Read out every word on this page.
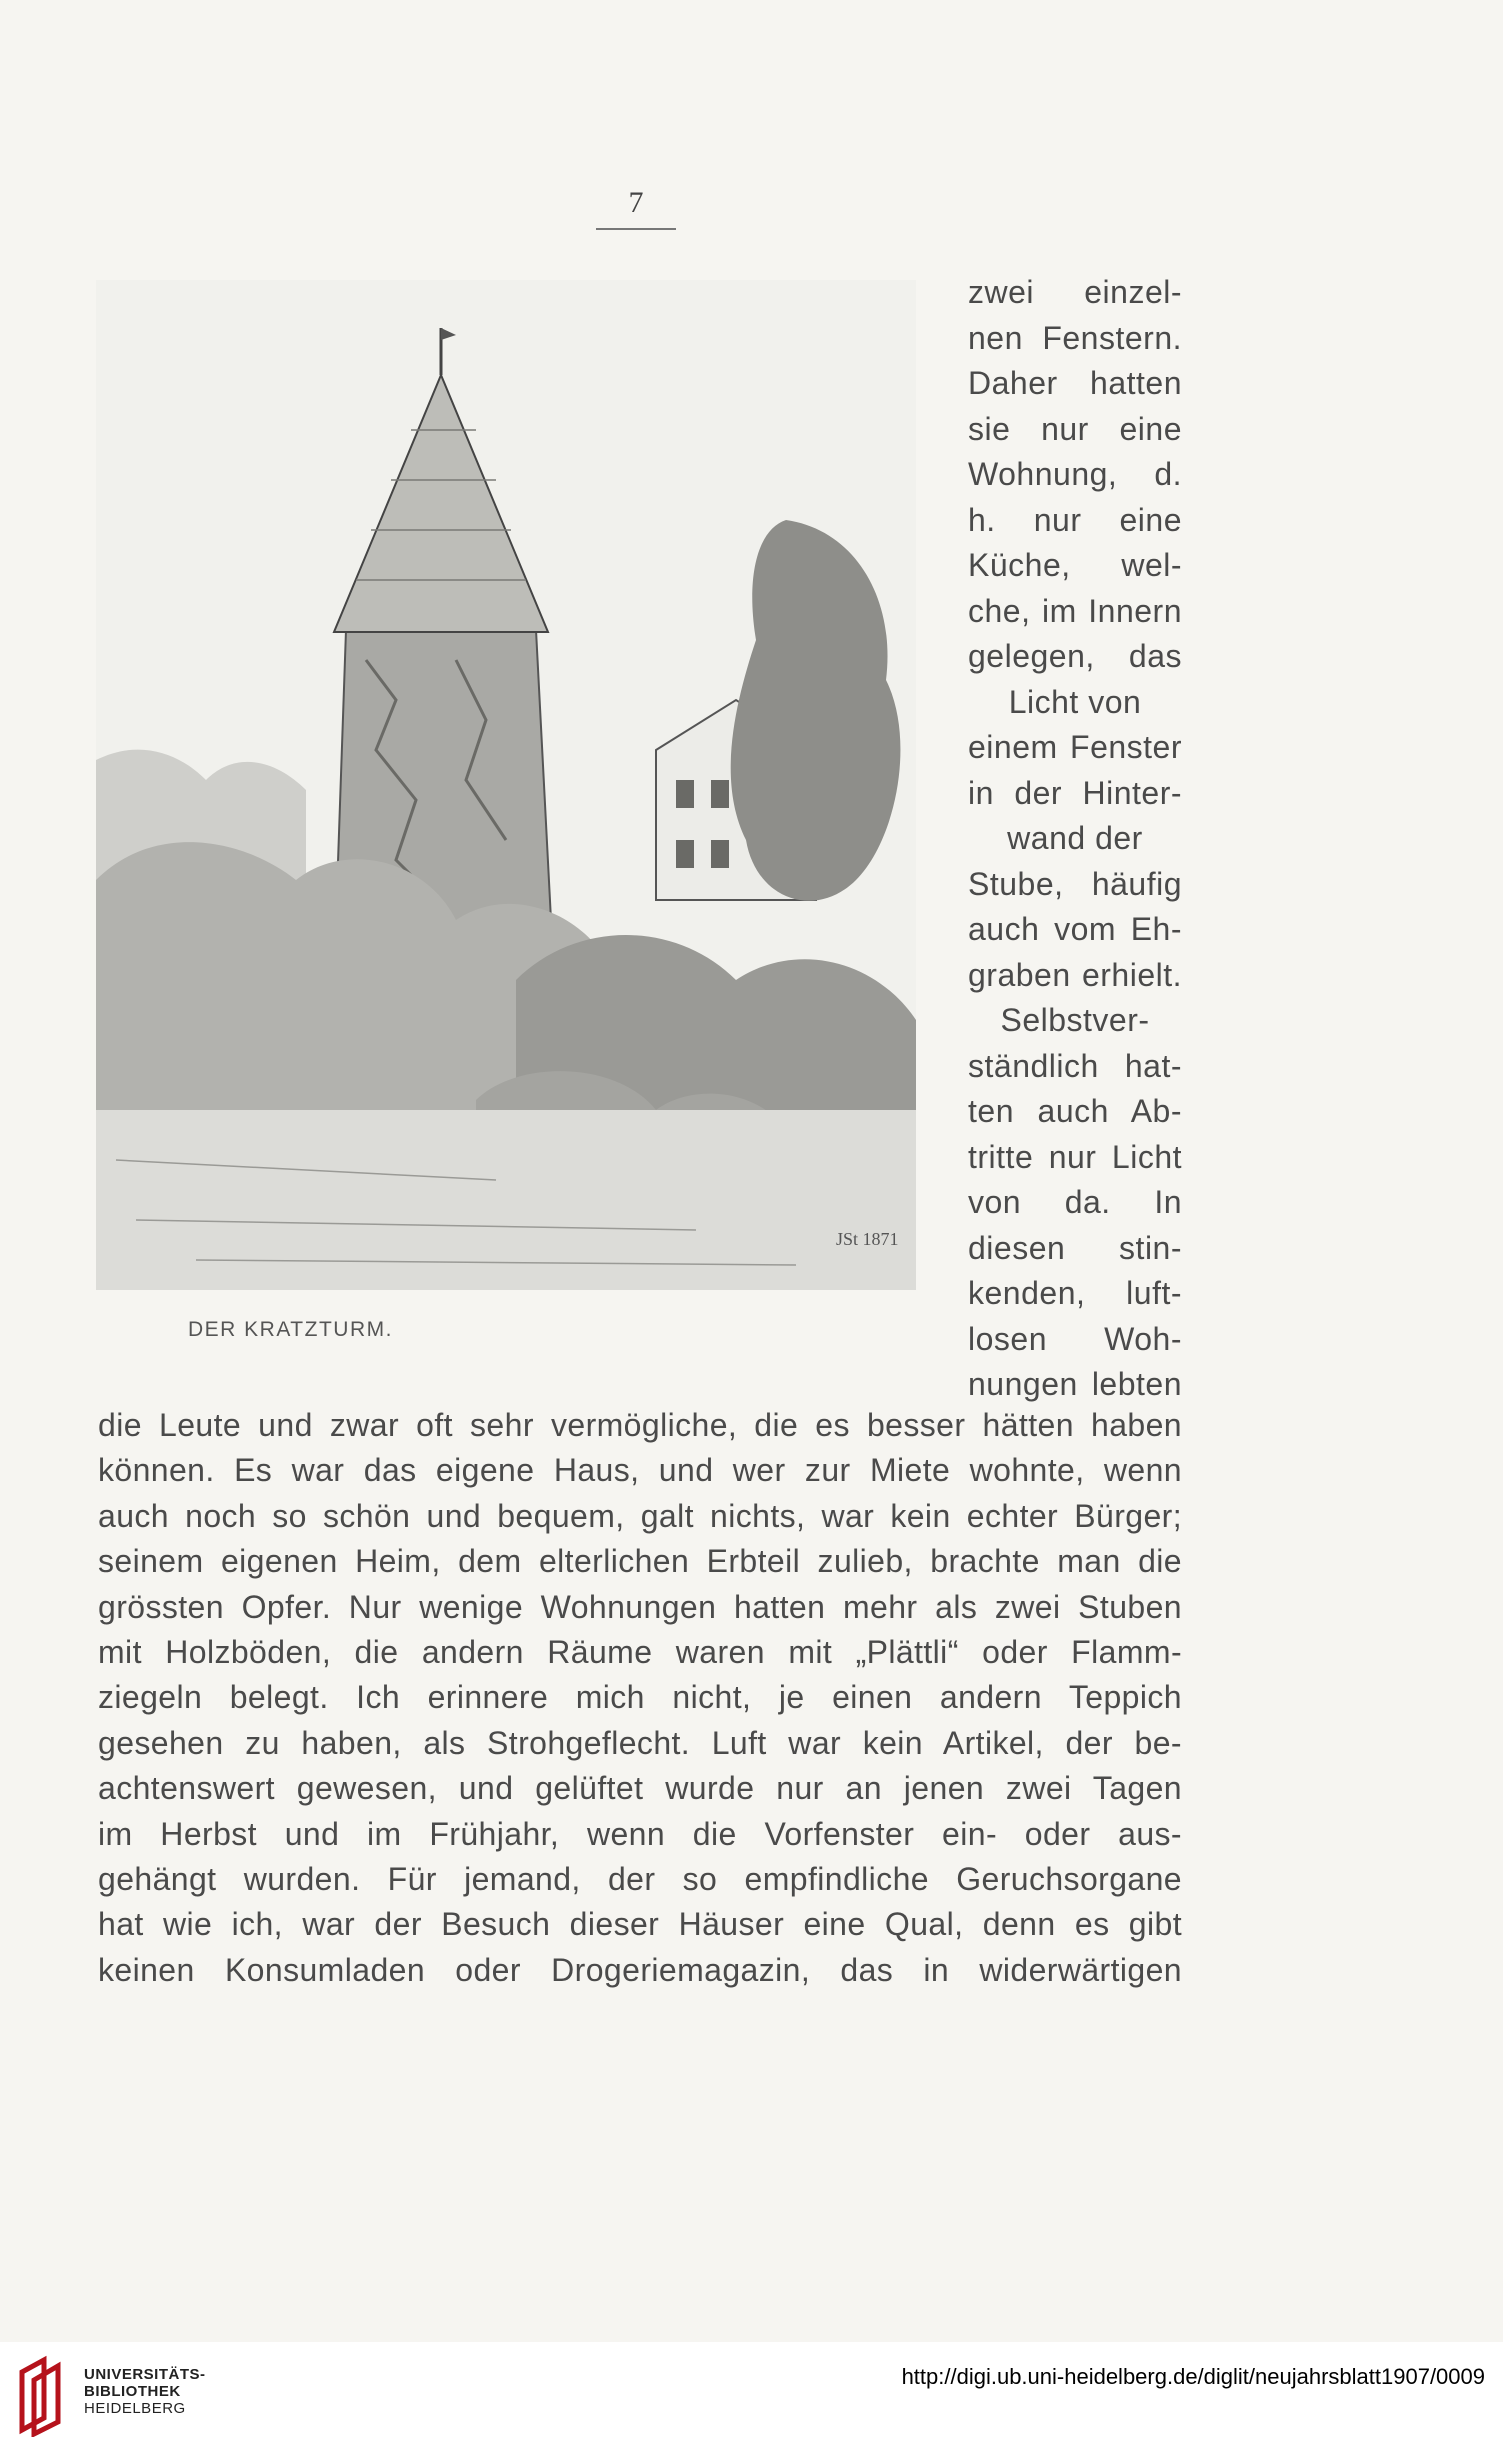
7
JSt 1871
DER KRATZTURM.
zwei einzel-
nen Fenstern.
Daher hatten
sie nur eine
Wohnung, d.
h. nur eine
Küche, wel-
che, im Innern
gelegen, das
Licht von
einem Fenster
in der Hinter-
wand der
Stube, häufig
auch vom Eh-
graben erhielt.
Selbstver-
ständlich hat-
ten auch Ab-
tritte nur Licht
von da. In
diesen stin-
kenden, luft-
losen Woh-
nungen lebten
die Leute und zwar oft sehr vermögliche, die es besser hätten haben
können. Es war das eigene Haus, und wer zur Miete wohnte, wenn
auch noch so schön und bequem, galt nichts, war kein echter Bürger;
seinem eigenen Heim, dem elterlichen Erbteil zulieb, brachte man die
grössten Opfer. Nur wenige Wohnungen hatten mehr als zwei Stuben
mit Holzböden, die andern Räume waren mit „Plättli“ oder Flamm-
ziegeln belegt. Ich erinnere mich nicht, je einen andern Teppich
gesehen zu haben, als Strohgeflecht. Luft war kein Artikel, der be-
achtenswert gewesen, und gelüftet wurde nur an jenen zwei Tagen
im Herbst und im Frühjahr, wenn die Vorfenster ein- oder aus-
gehängt wurden. Für jemand, der so empfindliche Geruchsorgane
hat wie ich, war der Besuch dieser Häuser eine Qual, denn es gibt
keinen Konsumladen oder Drogeriemagazin, das in widerwärtigen
UNIVERSITÄTS-
BIBLIOTHEK
HEIDELBERG
http://digi.ub.uni-heidelberg.de/diglit/neujahrsblatt1907/0009
